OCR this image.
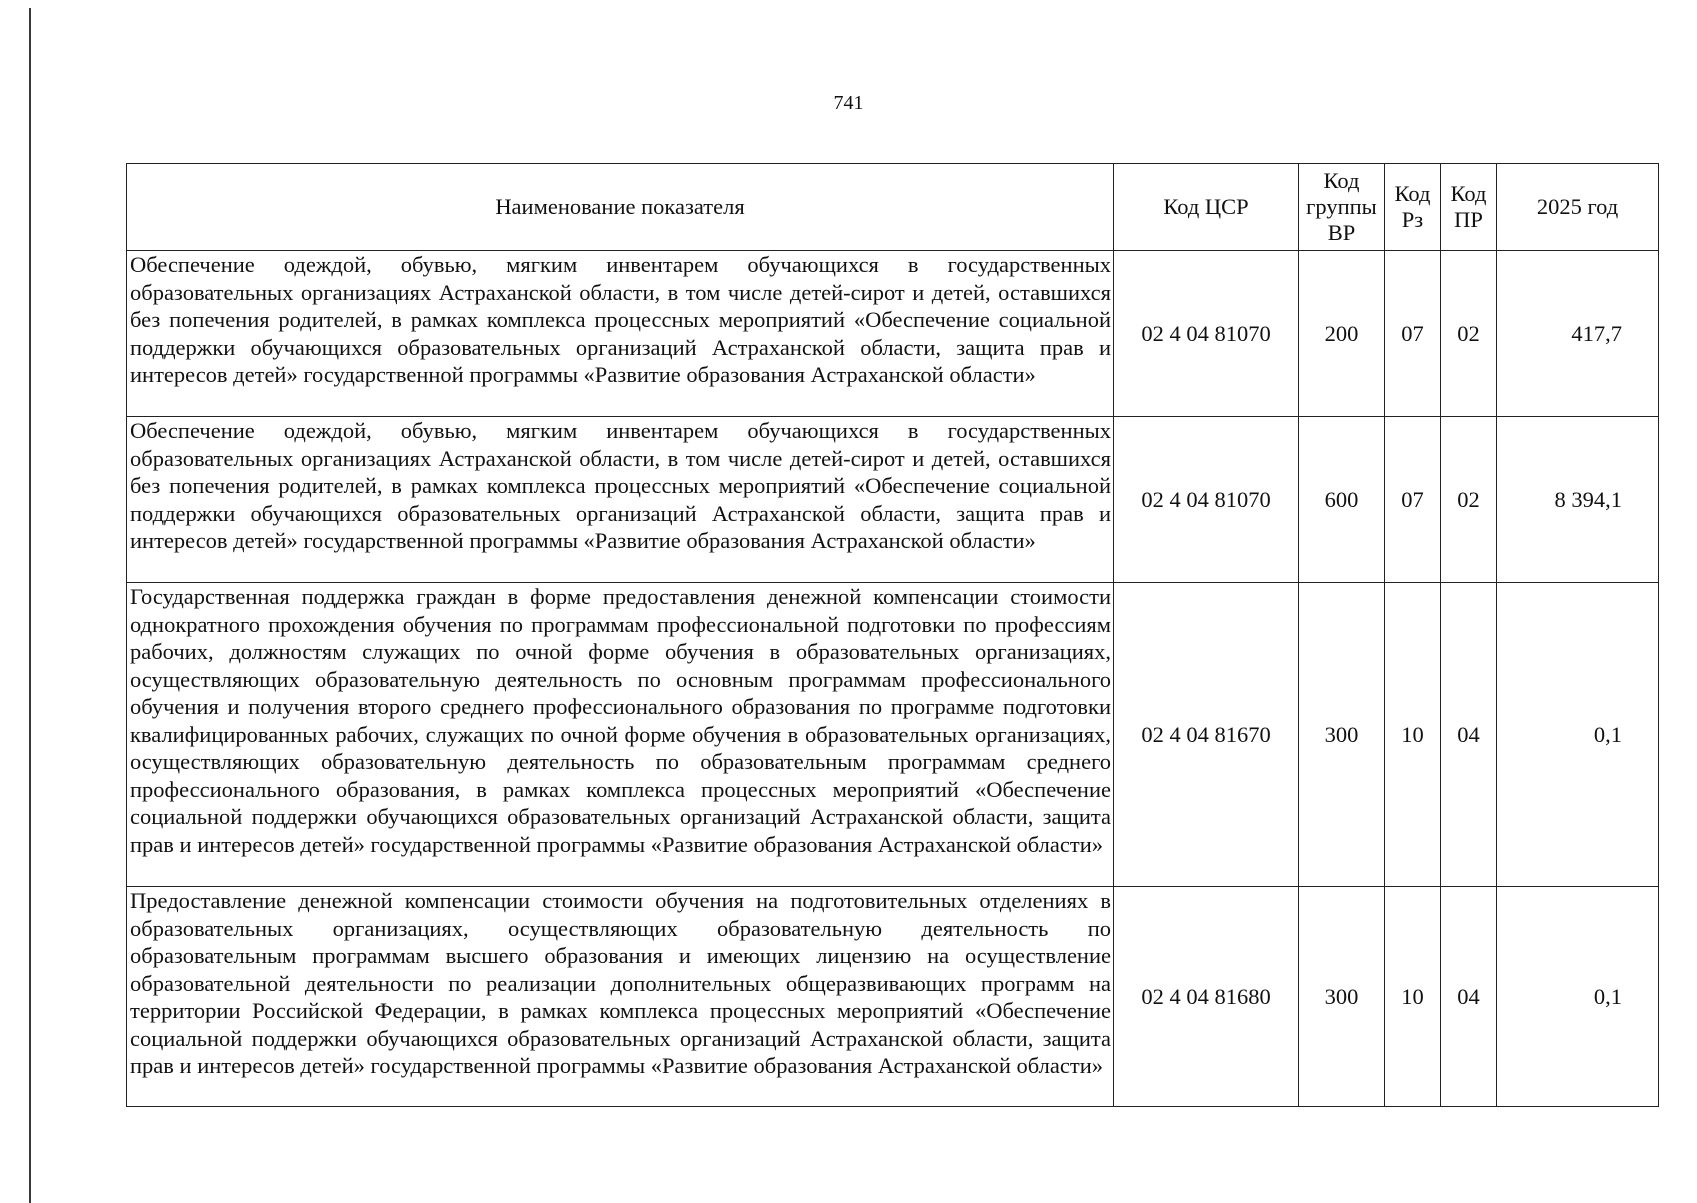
741
Наименование показателя	Код ЦСР	Код группы ВР	Код Рз	Код ПР	2025 год
Обеспечение одеждой, обувью, мягким инвентарем обучающихся в государственных образовательных организациях Астраханской области, в том числе детей-сирот и детей, оставшихся без попечения родителей, в рамках комплекса процессных мероприятий «Обеспечение социальной поддержки обучающихся образовательных организаций Астраханской области, защита прав и интересов детей» государственной программы «Развитие образования Астраханской области»	02 4 04 81070	200	07	02	417,7
Обеспечение одеждой, обувью, мягким инвентарем обучающихся в государственных образовательных организациях Астраханской области, в том числе детей-сирот и детей, оставшихся без попечения родителей, в рамках комплекса процессных мероприятий «Обеспечение социальной поддержки обучающихся образовательных организаций Астраханской области, защита прав и интересов детей» государственной программы «Развитие образования Астраханской области»	02 4 04 81070	600	07	02	8 394,1
Государственная поддержка граждан в форме предоставления денежной компенсации стоимости однократного прохождения обучения по программам профессиональной подготовки по профессиям рабочих, должностям служащих по очной форме обучения в образовательных организациях, осуществляющих образовательную деятельность по основным программам профессионального обучения и получения второго среднего профессионального образования по программе подготовки квалифицированных рабочих, служащих по очной форме обучения в образовательных организациях, осуществляющих образовательную деятельность по образовательным программам среднего профессионального образования, в рамках комплекса процессных мероприятий «Обеспечение социальной поддержки обучающихся образовательных организаций Астраханской области, защита прав и интересов детей» государственной программы «Развитие образования Астраханской области»	02 4 04 81670	300	10	04	0,1
Предоставление денежной компенсации стоимости обучения на подготовительных отделениях в образовательных организациях, осуществляющих образовательную деятельность по образовательным программам высшего образования и имеющих лицензию на осуществление образовательной деятельности по реализации дополнительных общеразвивающих программ на территории Российской Федерации, в рамках комплекса процессных мероприятий «Обеспечение социальной поддержки обучающихся образовательных организаций Астраханской области, защита прав и интересов детей» государственной программы «Развитие образования Астраханской области»	02 4 04 81680	300	10	04	0,1
